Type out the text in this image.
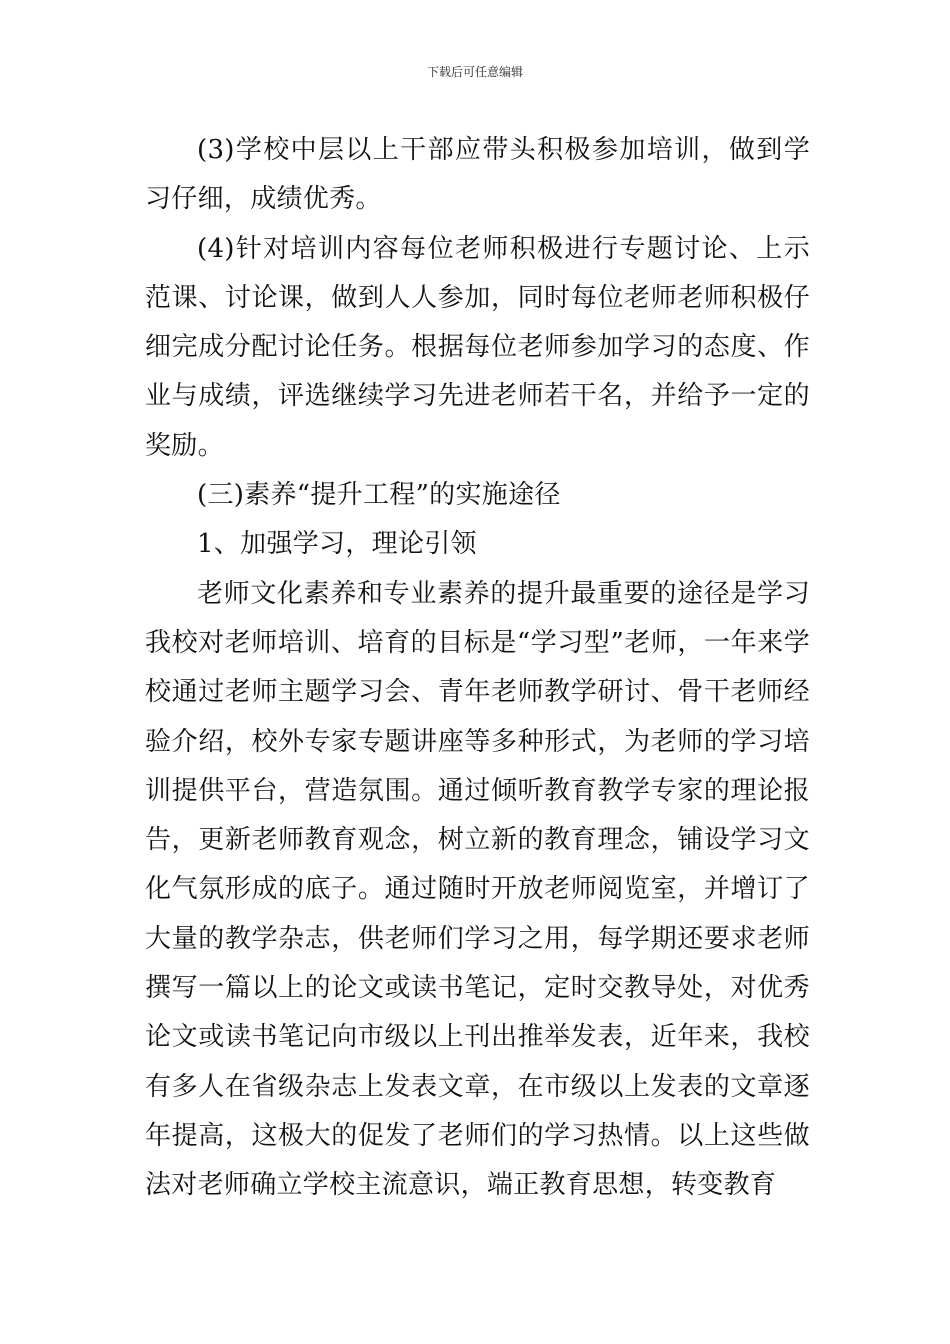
下载后可任意编辑

(3)学校中层以上干部应带头积极参加培训，做到学习仔细，成绩优秀。

(4)针对培训内容每位老师积极进行专题讨论、上示范课、讨论课，做到人人参加，同时每位老师老师积极仔细完成分配讨论任务。根据每位老师参加学习的态度、作业与成绩，评选继续学习先进老师若干名，并给予一定的奖励。

(三)素养“提升工程”的实施途径

1、加强学习，理论引领

老师文化素养和专业素养的提升最重要的途径是学习我校对老师培训、培育的目标是“学习型”老师，一年来学校通过老师主题学习会、青年老师教学研讨、骨干老师经验介绍，校外专家专题讲座等多种形式，为老师的学习培训提供平台，营造氛围。通过倾听教育教学专家的理论报告，更新老师教育观念，树立新的教育理念，铺设学习文化气氛形成的底子。通过随时开放老师阅览室，并增订了大量的教学杂志，供老师们学习之用，每学期还要求老师撰写一篇以上的论文或读书笔记，定时交教导处，对优秀论文或读书笔记向市级以上刊出推举发表，近年来，我校有多人在省级杂志上发表文章，在市级以上发表的文章逐年提高，这极大的促发了老师们的学习热情。以上这些做法对老师确立学校主流意识，端正教育思想，转变教育
